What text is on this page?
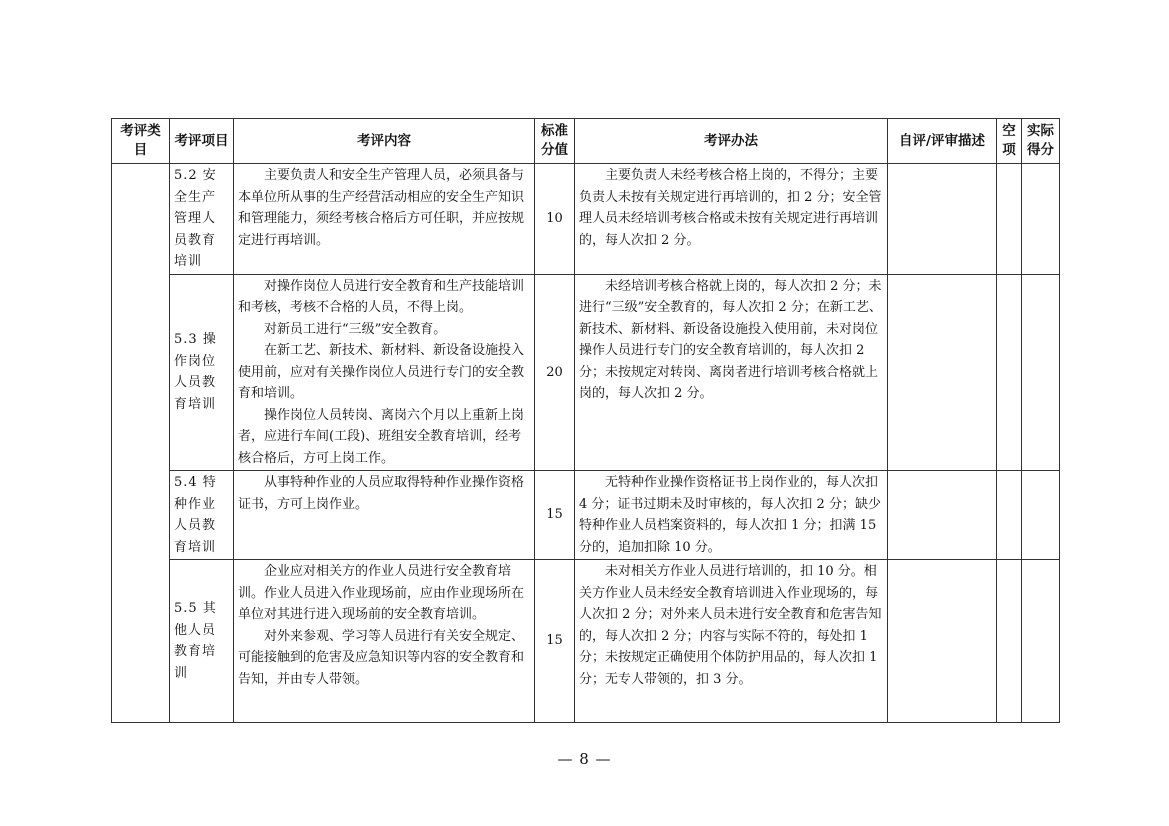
考评类目	考评项目	考评内容	标准分值	考评办法	自评/评审描述	空项	实际得分
	5.2 安全生产管理人员教育培训	主要负责人和安全生产管理人员，必须具备与本单位所从事的生产经营活动相应的安全生产知识和管理能力，须经考核合格后方可任职，并应按规定进行再培训。	10	主要负责人未经考核合格上岗的，不得分；主要负责人未按有关规定进行再培训的，扣 2 分；安全管理人员未经培训考核合格或未按有关规定进行再培训的，每人次扣 2 分。			

	5.3 操作岗位人员教育培训	对操作岗位人员进行安全教育和生产技能培训和考核，考核不合格的人员，不得上岗。
对新员工进行“三级”安全教育。
在新工艺、新技术、新材料、新设备设施投入使用前，应对有关操作岗位人员进行专门的安全教育和培训。
操作岗位人员转岗、离岗六个月以上重新上岗者，应进行车间(工段)、班组安全教育培训，经考核合格后，方可上岗工作。	20	未经培训考核合格就上岗的，每人次扣 2 分；未进行“三级”安全教育的，每人次扣 2 分；在新工艺、新技术、新材料、新设备设施投入使用前，未对岗位操作人员进行专门的安全教育培训的，每人次扣 2 分；未按规定对转岗、离岗者进行培训考核合格就上岗的，每人次扣 2 分。			

	5.4 特种作业人员教育培训	从事特种作业的人员应取得特种作业操作资格证书，方可上岗作业。	15	无特种作业操作资格证书上岗作业的，每人次扣 4 分；证书过期未及时审核的，每人次扣 2 分；缺少特种作业人员档案资料的，每人次扣 1 分；扣满 15 分的，追加扣除 10 分。			

	5.5 其他人员教育培训	企业应对相关方的作业人员进行安全教育培训。作业人员进入作业现场前，应由作业现场所在单位对其进行进入现场前的安全教育培训。
对外来参观、学习等人员进行有关安全规定、可能接触到的危害及应急知识等内容的安全教育和告知，并由专人带领。	15	未对相关方作业人员进行培训的，扣 10 分。相关方作业人员未经安全教育培训进入作业现场的，每人次扣 2 分；对外来人员未进行安全教育和危害告知的，每人次扣 2 分；内容与实际不符的，每处扣 1 分；未按规定正确使用个体防护用品的，每人次扣 1 分；无专人带领的，扣 3 分。			

— 8 —
